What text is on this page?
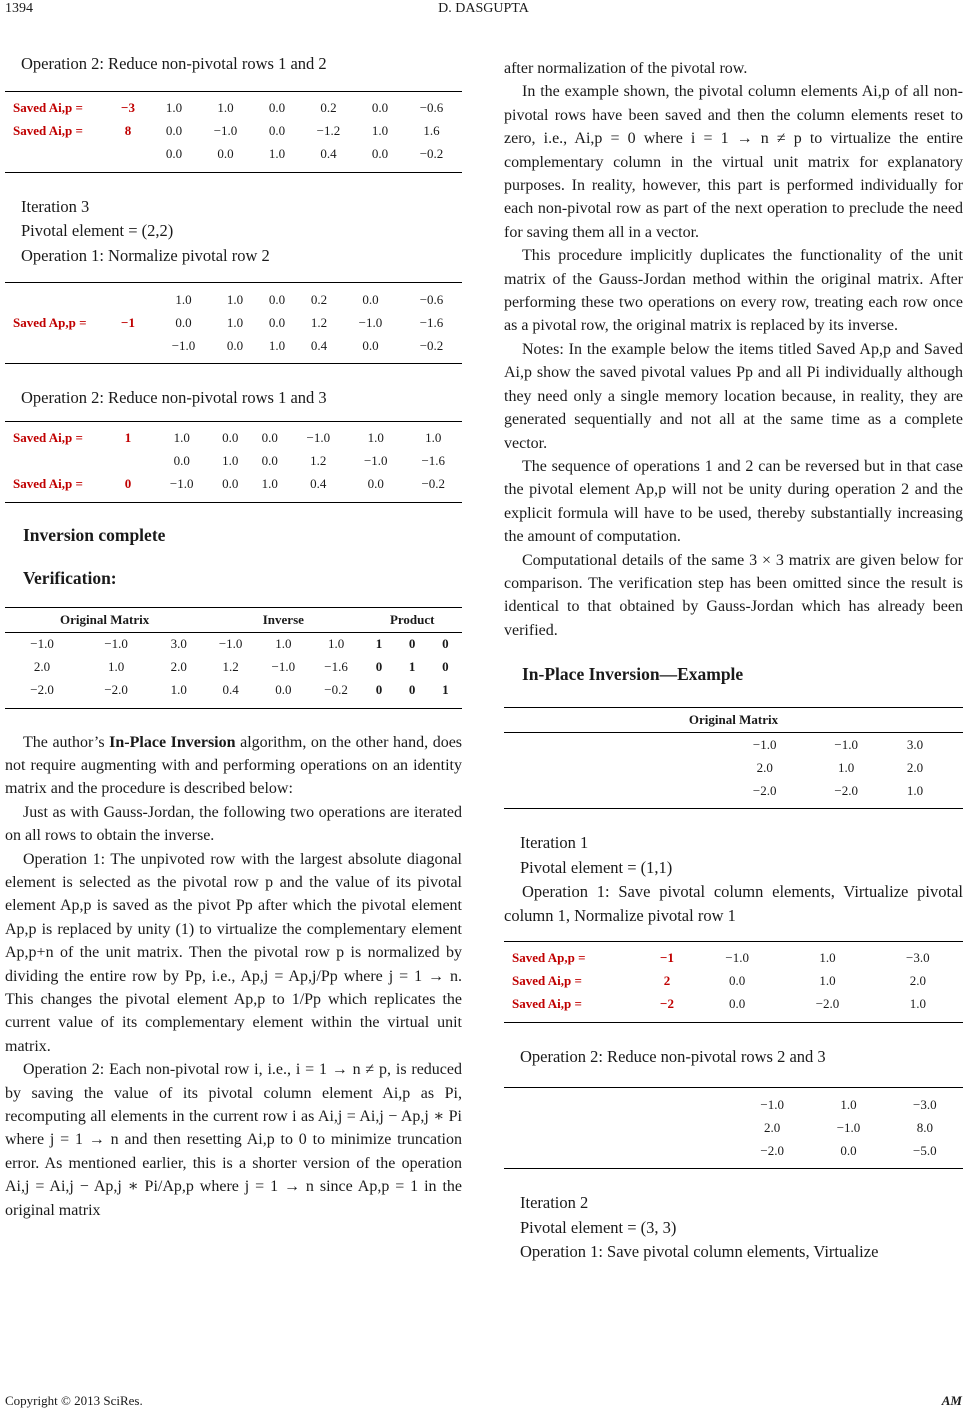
1394	D. DASGUPTA

Operation 2: Reduce non-pivotal rows 1 and 2

Saved Ai,p =	−3	1.0	1.0	0.0	0.2	0.0	−0.6
Saved Ai,p =	8	0.0	−1.0	0.0	−1.2	1.0	1.6
		0.0	0.0	1.0	0.4	0.0	−0.2

Iteration 3

Pivotal element = (2,2)

Operation 1: Normalize pivotal row 2

		1.0	1.0	0.0	0.2	0.0	−0.6
Saved Ap,p =	−1	0.0	1.0	0.0	1.2	−1.0	−1.6
		−1.0	0.0	1.0	0.4	0.0	−0.2

Operation 2: Reduce non-pivotal rows 1 and 3

Saved Ai,p =	1	1.0	0.0	0.0	−1.0	1.0	1.0
		0.0	1.0	0.0	1.2	−1.0	−1.6
Saved Ai,p =	0	−1.0	0.0	1.0	0.4	0.0	−0.2

Inversion complete

Verification:

Original Matrix			Inverse			Product		
−1.0	−1.0	3.0	−1.0	1.0	1.0	1	0	0
2.0	1.0	2.0	1.2	−1.0	−1.6	0	1	0
−2.0	−2.0	1.0	0.4	0.0	−0.2	0	0	1

The author’s In-Place Inversion algorithm, on the other hand, does not require augmenting with and performing operations on an identity matrix and the procedure is described below:

Just as with Gauss-Jordan, the following two operations are iterated on all rows to obtain the inverse.

Operation 1: The unpivoted row with the largest absolute diagonal element is selected as the pivotal row p and the value of its pivotal element Ap,p is saved as the pivot Pp after which the pivotal element Ap,p is replaced by unity (1) to virtualize the complementary element Ap,p+n of the unit matrix. Then the pivotal row p is normalized by dividing the entire row by Pp, i.e., Ap,j = Ap,j/Pp where j = 1 → n. This changes the pivotal element Ap,p to 1/Pp which replicates the current value of its complementary element within the virtual unit matrix.

Operation 2: Each non-pivotal row i, i.e., i = 1 → n ≠ p, is reduced by saving the value of its pivotal column element Ai,p as Pi, recomputing all elements in the current row i as Ai,j = Ai,j − Ap,j ∗ Pi where j = 1 → n and then resetting Ai,p to 0 to minimize truncation error. As mentioned earlier, this is a shorter version of the operation Ai,j = Ai,j − Ap,j ∗ Pi/Ap,p where j = 1 → n since Ap,p = 1 in the original matrix

after normalization of the pivotal row.

In the example shown, the pivotal column elements Ai,p of all non-pivotal rows have been saved and then the column elements reset to zero, i.e., Ai,p = 0 where i = 1 → n ≠ p to virtualize the entire complementary column in the virtual unit matrix for explanatory purposes. In reality, however, this part is performed individually for each non-pivotal row as part of the next operation to preclude the need for saving them all in a vector.

This procedure implicitly duplicates the functionality of the unit matrix of the Gauss-Jordan method within the original matrix. After performing these two operations on every row, treating each row once as a pivotal row, the original matrix is replaced by its inverse.

Notes: In the example below the items titled Saved Ap,p and Saved Ai,p show the saved pivotal values Pp and all Pi individually although they need only a single memory location because, in reality, they are generated sequentially and not all at the same time as a complete vector.

The sequence of operations 1 and 2 can be reversed but in that case the pivotal element Ap,p will not be unity during operation 2 and the explicit formula will have to be used, thereby substantially increasing the amount of computation.

Computational details of the same 3 × 3 matrix are given below for comparison. The verification step has been omitted since the result is identical to that obtained by Gauss-Jordan which has already been verified.

In-Place Inversion—Example

Original Matrix				
	−1.0	−1.0	3.0	
	2.0	1.0	2.0	
	−2.0	−2.0	1.0	

Iteration 1

Pivotal element = (1,1)

Operation 1: Save pivotal column elements, Virtualize pivotal column 1, Normalize pivotal row 1

Saved Ap,p =	−1	−1.0	1.0	−3.0
Saved Ai,p =	2	0.0	1.0	2.0
Saved Ai,p =	−2	0.0	−2.0	1.0

Operation 2: Reduce non-pivotal rows 2 and 3

	−1.0	1.0	−3.0
	2.0	−1.0	8.0
	−2.0	0.0	−5.0

Iteration 2

Pivotal element = (3, 3)

Operation 1: Save pivotal column elements, Virtualize

Copyright © 2013 SciRes.	AM
